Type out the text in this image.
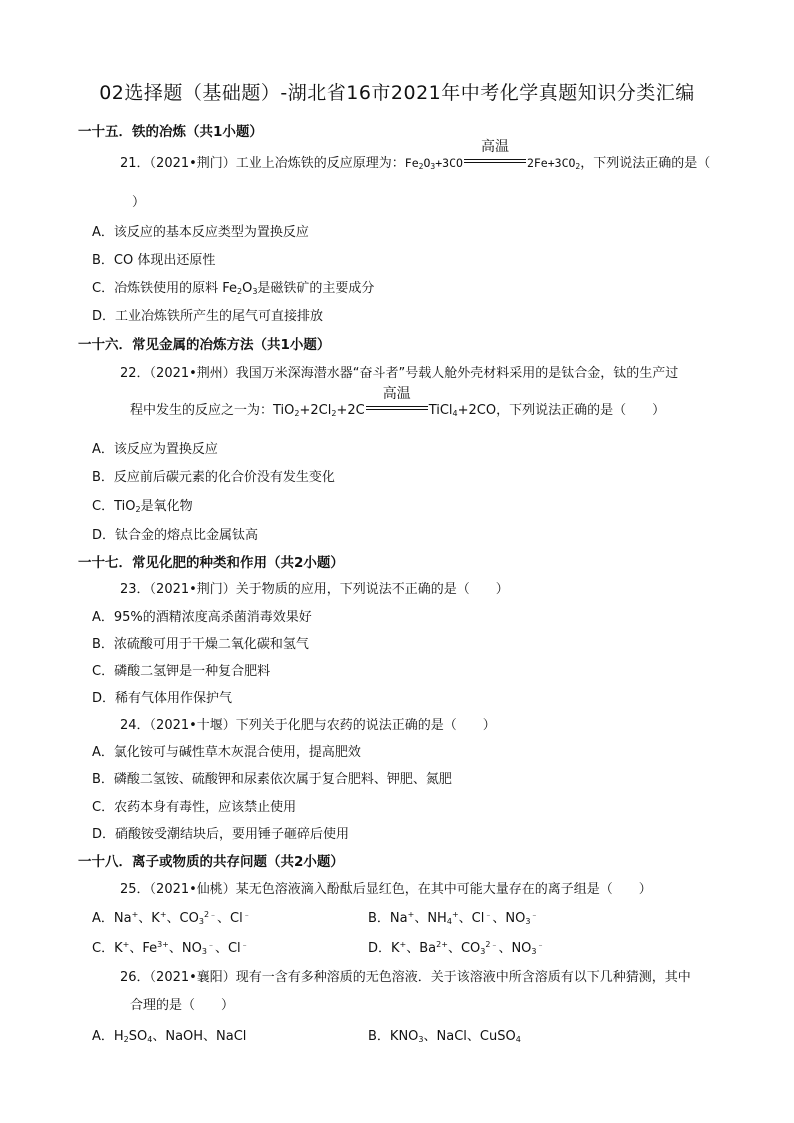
02选择题（基础题）-湖北省16市2021年中考化学真题知识分类汇编
一十五．铁的冶炼（共1小题）
21．（2021•荆门）工业上冶炼铁的反应原理为：$Fe_2O_3+3CO$
高温
$2Fe+3CO_2$，下列说法正确的是（
）
A．该反应的基本反应类型为置换反应
B．CO 体现出还原性
C．冶炼铁使用的原料 $Fe_2O_3$是磁铁矿的主要成分
D．工业冶炼铁所产生的尾气可直接排放
一十六．常见金属的冶炼方法（共1小题）
22．（2021•荆州）我国万米深海潜水器“奋斗者”号载人舱外壳材料采用的是钛合金，钛的生产过
程中发生的反应之一为：$TiO_2+2Cl_2+2C$
高温
TiCl$_4$+2CO，下列说法正确的是（　　）
A．该反应为置换反应
B．反应前后碳元素的化合价没有发生变化
C．TiO$_2$是氧化物
D．钛合金的熔点比金属钛高
一十七．常见化肥的种类和作用（共2小题）
23．（2021•荆门）关于物质的应用，下列说法不正确的是（　　）
A．95%的酒精浓度高杀菌消毒效果好
B．浓硫酸可用于干燥二氧化碳和氢气
C．磷酸二氢钾是一种复合肥料
D．稀有气体用作保护气
24．（2021•十堰）下列关于化肥与农药的说法正确的是（　　）
A．氯化铵可与碱性草木灰混合使用，提高肥效
B．磷酸二氢铵、硫酸钾和尿素依次属于复合肥料、钾肥、氮肥
C．农药本身有毒性，应该禁止使用
D．硝酸铵受潮结块后，要用锤子砸碎后使用
一十八．离子或物质的共存问题（共2小题）
25．（2021•仙桃）某无色溶液滴入酚酞后显红色，在其中可能大量存在的离子组是（　　）
A．Na+、K+、$CO_3^{2﹣}$、Cl﹣	B．Na+、$NH_4^+$、Cl﹣、$NO_3^﹣$
C．K+、$Fe^{3+}$、$NO_3^﹣$、Cl﹣	D．K+、$Ba^{2+}$、$CO_3^{2﹣}$、$NO_3^﹣$
26．（2021•襄阳）现有一含有多种溶质的无色溶液．关于该溶液中所含溶质有以下几种猜测，其中
合理的是（　　）
A．$H_2SO_4$、NaOH、NaCl	B．$KNO_3$、NaCl、CuSO$_4$
